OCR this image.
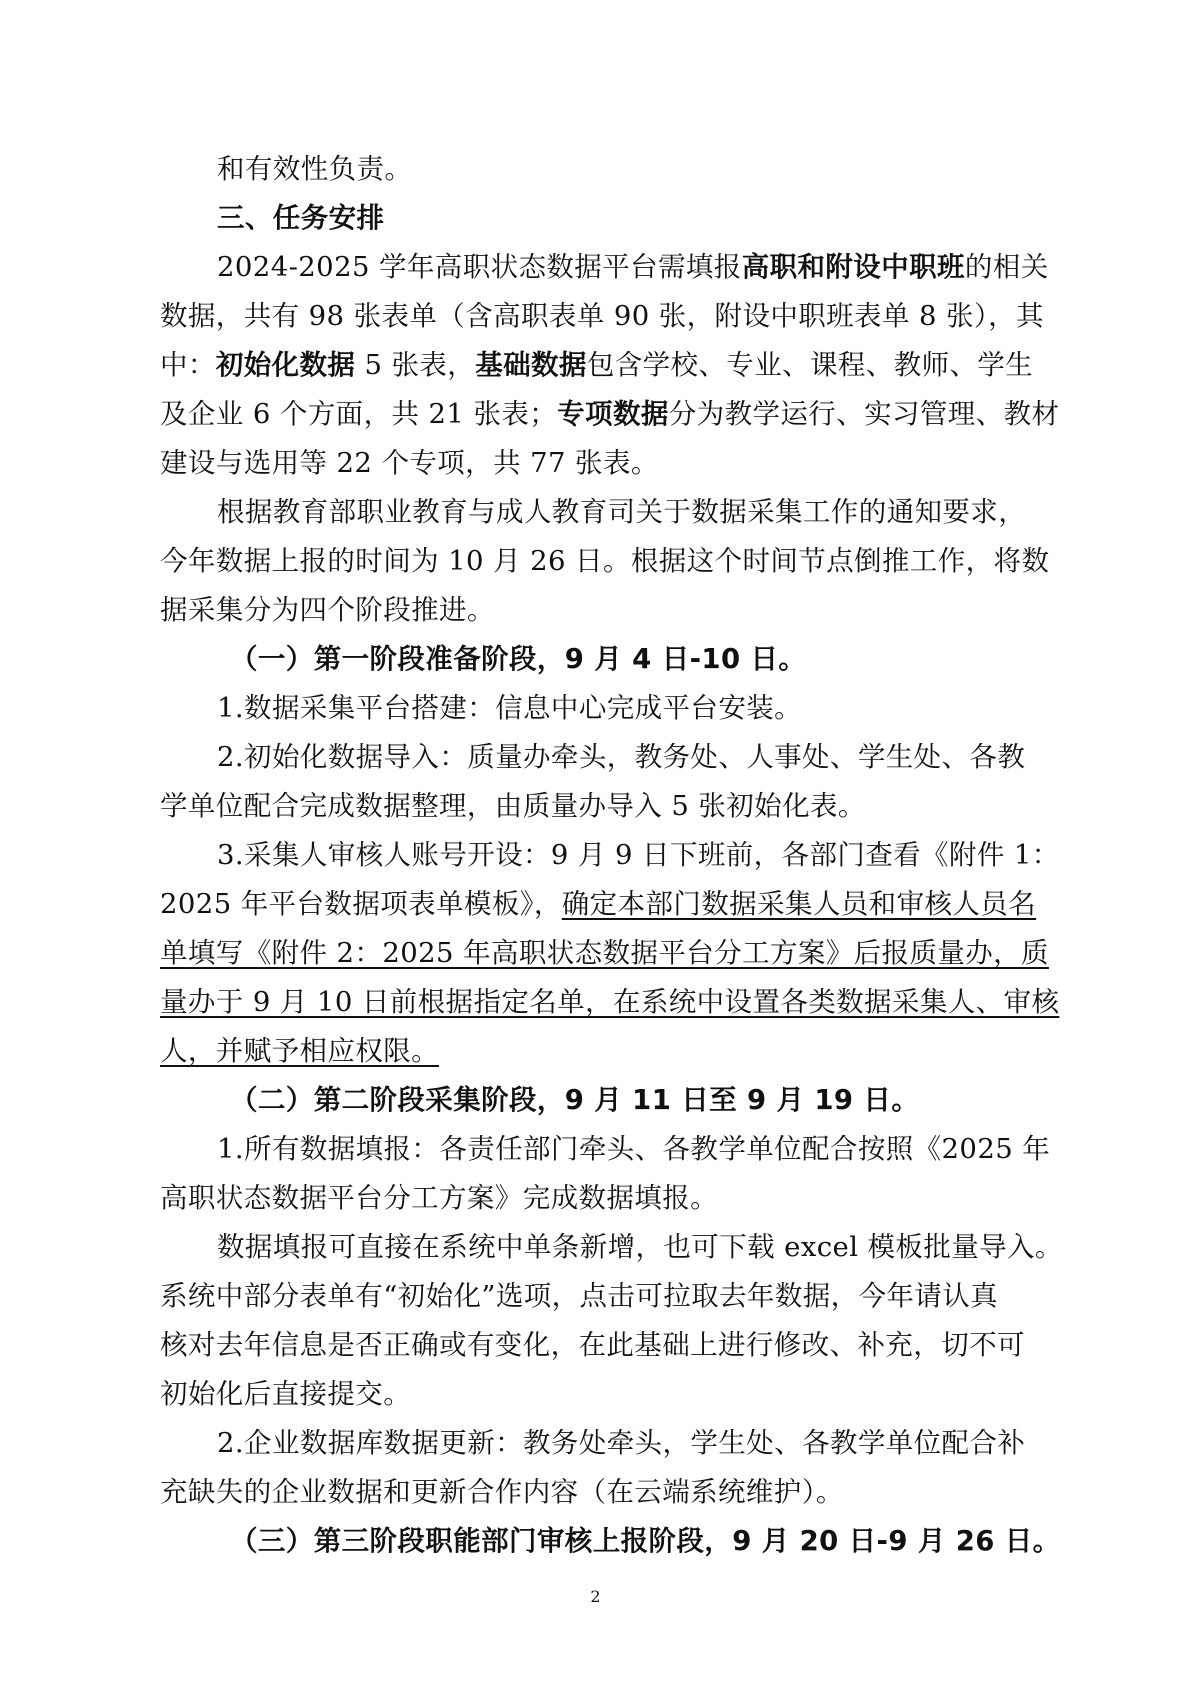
和有效性负责。
三、任务安排
2024-2025 学年高职状态数据平台需填报高职和附设中职班的相关
数据，共有 98 张表单（含高职表单 90 张，附设中职班表单 8 张），其
中：初始化数据 5 张表，基础数据包含学校、专业、课程、教师、学生
及企业 6 个方面，共 21 张表；专项数据分为教学运行、实习管理、教材
建设与选用等 22 个专项，共 77 张表。
根据教育部职业教育与成人教育司关于数据采集工作的通知要求，
今年数据上报的时间为 10 月 26 日。根据这个时间节点倒推工作，将数
据采集分为四个阶段推进。
（一）第一阶段准备阶段，9 月 4 日-10 日。
1.数据采集平台搭建：信息中心完成平台安装。
2.初始化数据导入：质量办牵头，教务处、人事处、学生处、各教
学单位配合完成数据整理，由质量办导入 5 张初始化表。
3.采集人审核人账号开设：9 月 9 日下班前，各部门查看《附件 1：
2025 年平台数据项表单模板》，确定本部门数据采集人员和审核人员名
单填写《附件 2：2025 年高职状态数据平台分工方案》后报质量办，质
量办于 9 月 10 日前根据指定名单，在系统中设置各类数据采集人、审核
人，并赋予相应权限。
（二）第二阶段采集阶段，9 月 11 日至 9 月 19 日。
1.所有数据填报：各责任部门牵头、各教学单位配合按照《2025 年
高职状态数据平台分工方案》完成数据填报。
数据填报可直接在系统中单条新增，也可下载 excel 模板批量导入。
系统中部分表单有“初始化”选项，点击可拉取去年数据，今年请认真
核对去年信息是否正确或有变化，在此基础上进行修改、补充，切不可
初始化后直接提交。
2.企业数据库数据更新：教务处牵头，学生处、各教学单位配合补
充缺失的企业数据和更新合作内容（在云端系统维护）。
（三）第三阶段职能部门审核上报阶段，9 月 20 日-9 月 26 日。
2
